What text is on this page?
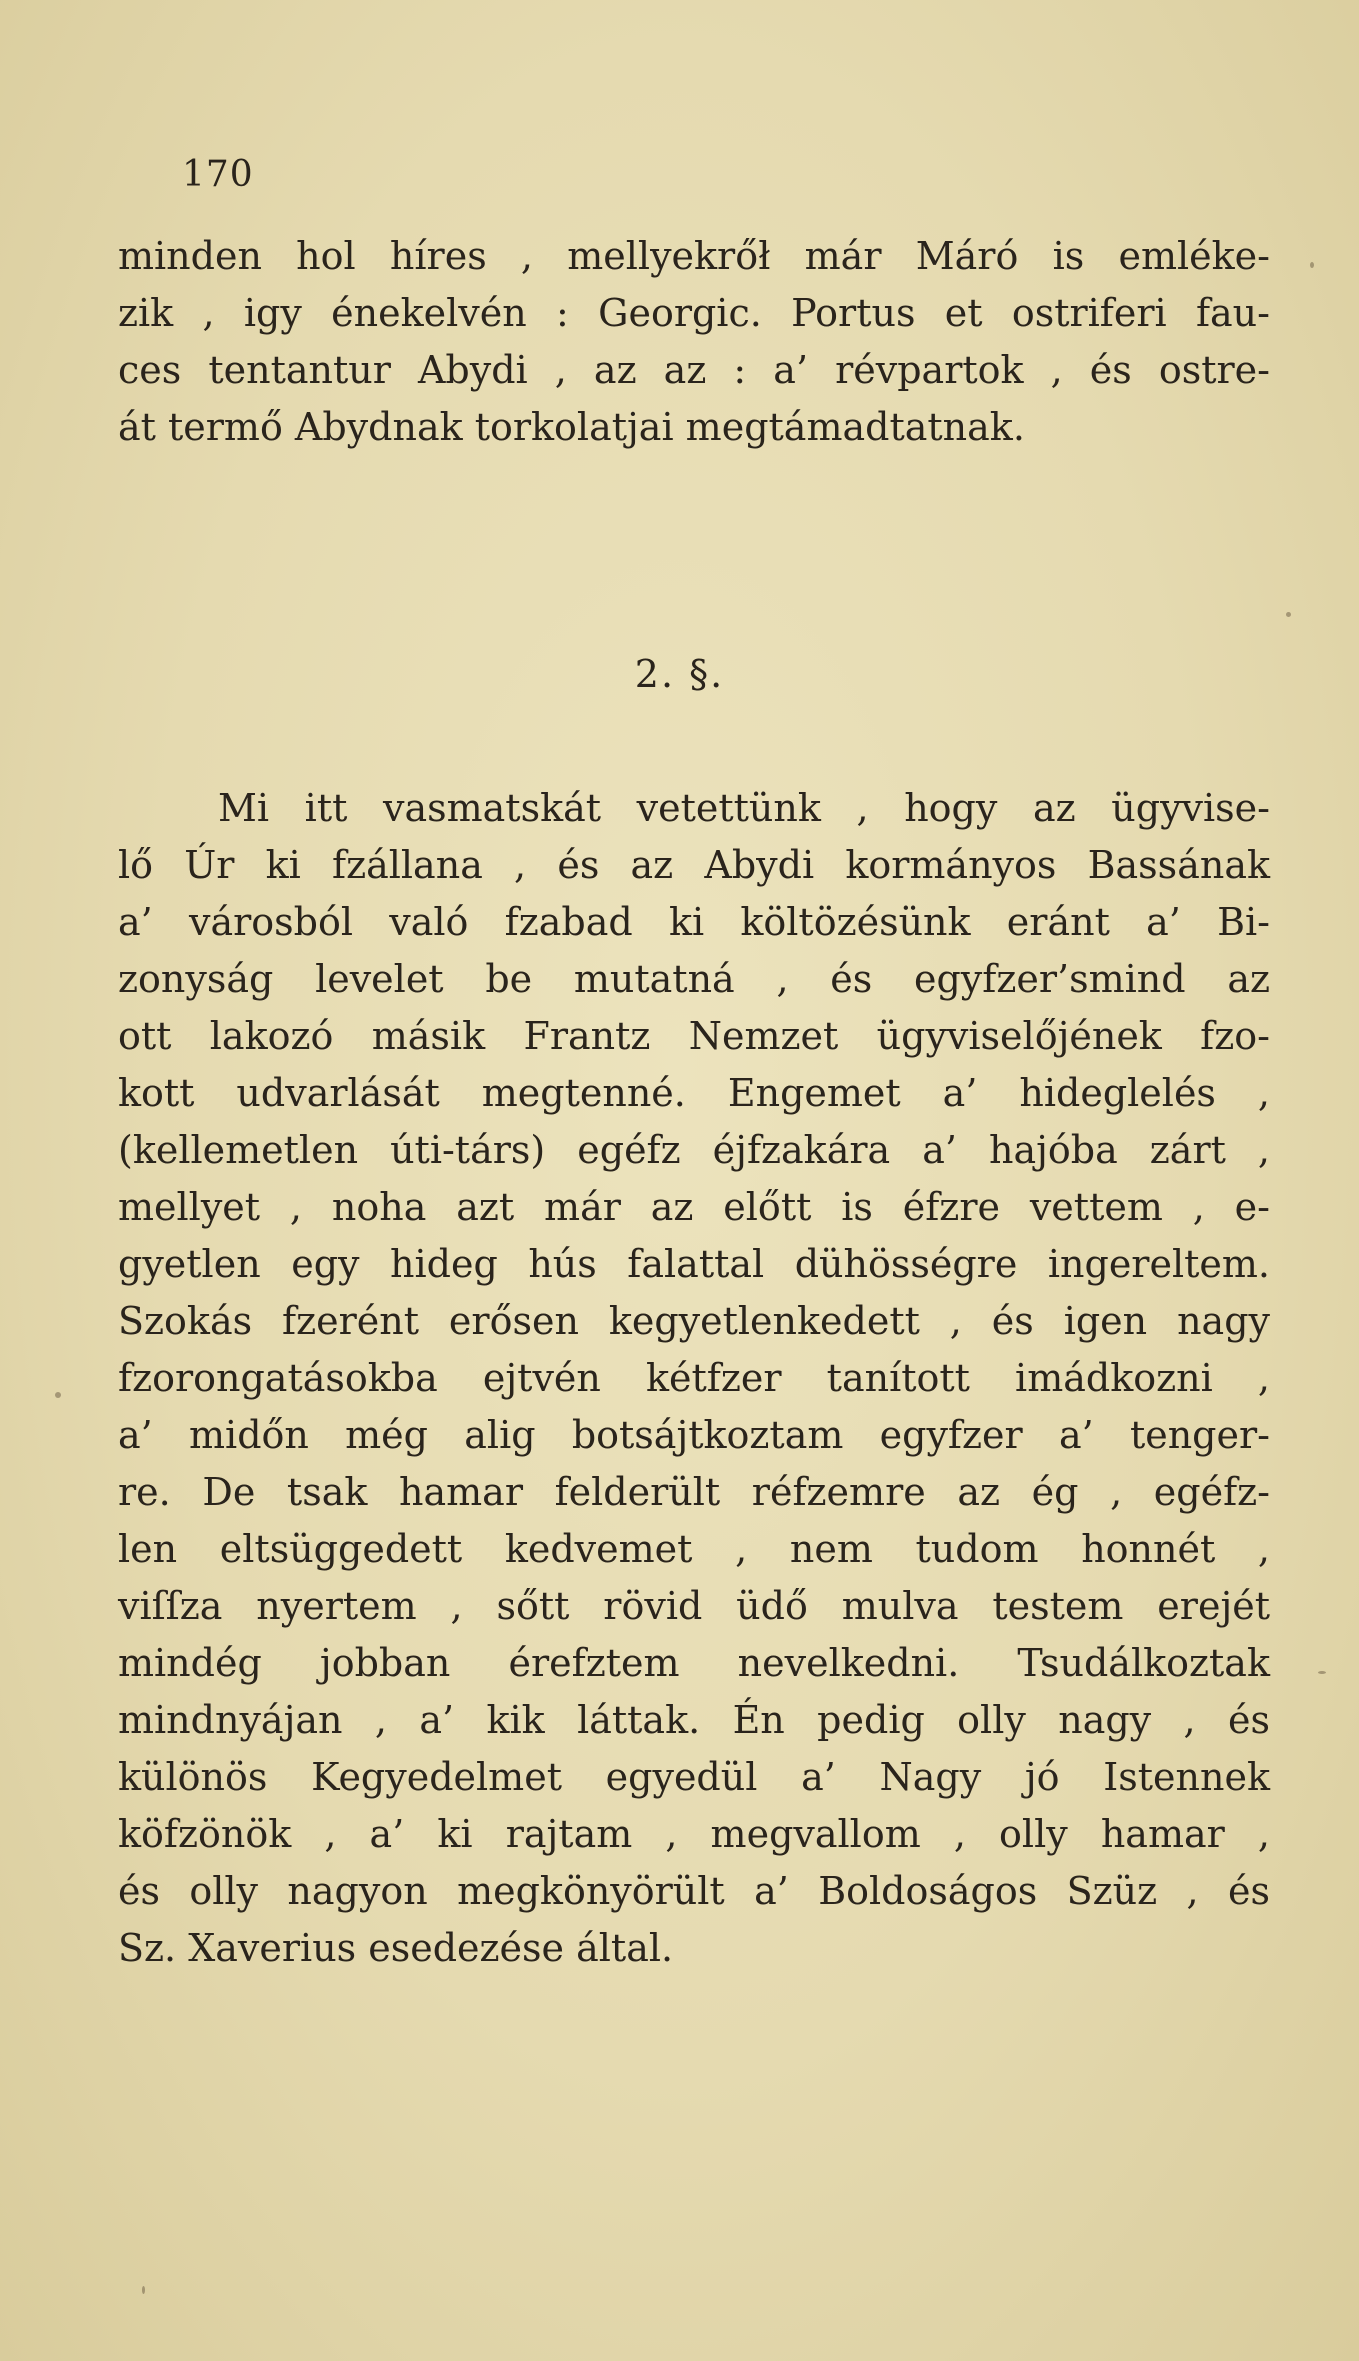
170
minden hol híres , mellyekrőł már Máró is emléke-
zik , igy énekelvén : Georgic. Portus et ostriferi fau-
ces tentantur Abydi , az az : a’ révpartok , és ostre-
át termő Abydnak torkolatjai megtámadtatnak.
2. §.
Mi itt vasmatskát vetettünk , hogy az ügyvise-
lő Úr ki fzállana , és az Abydi kormányos Bassának
a’ városból való fzabad ki költözésünk eránt a’ Bi-
zonyság levelet be mutatná , és egyfzer’smind az
ott lakozó másik Frantz Nemzet ügyviselőjének fzo-
kott udvarlását megtenné. Engemet a’ hideglelés ,
(kellemetlen úti-társ) egéfz éjfzakára a’ hajóba zárt ,
mellyet , noha azt már az előtt is éfzre vettem , e-
gyetlen egy hideg hús falattal dühösségre ingereltem.
Szokás fzerént erősen kegyetlenkedett , és igen nagy
fzorongatásokba ejtvén kétfzer tanított imádkozni ,
a’ midőn még alig botsájtkoztam egyfzer a’ tenger-
re. De tsak hamar felderült réfzemre az ég , egéfz-
len eltsüggedett kedvemet , nem tudom honnét ,
viſſza nyertem , sőtt rövid üdő mulva testem erejét
mindég jobban érefztem nevelkedni. Tsudálkoztak
mindnyájan , a’ kik láttak. Én pedig olly nagy , és
különös Kegyedelmet egyedül a’ Nagy jó Istennek
köfzönök , a’ ki rajtam , megvallom , olly hamar ,
és olly nagyon megkönyörült a’ Boldoságos Szüz , és
Sz. Xaverius esedezése által.
